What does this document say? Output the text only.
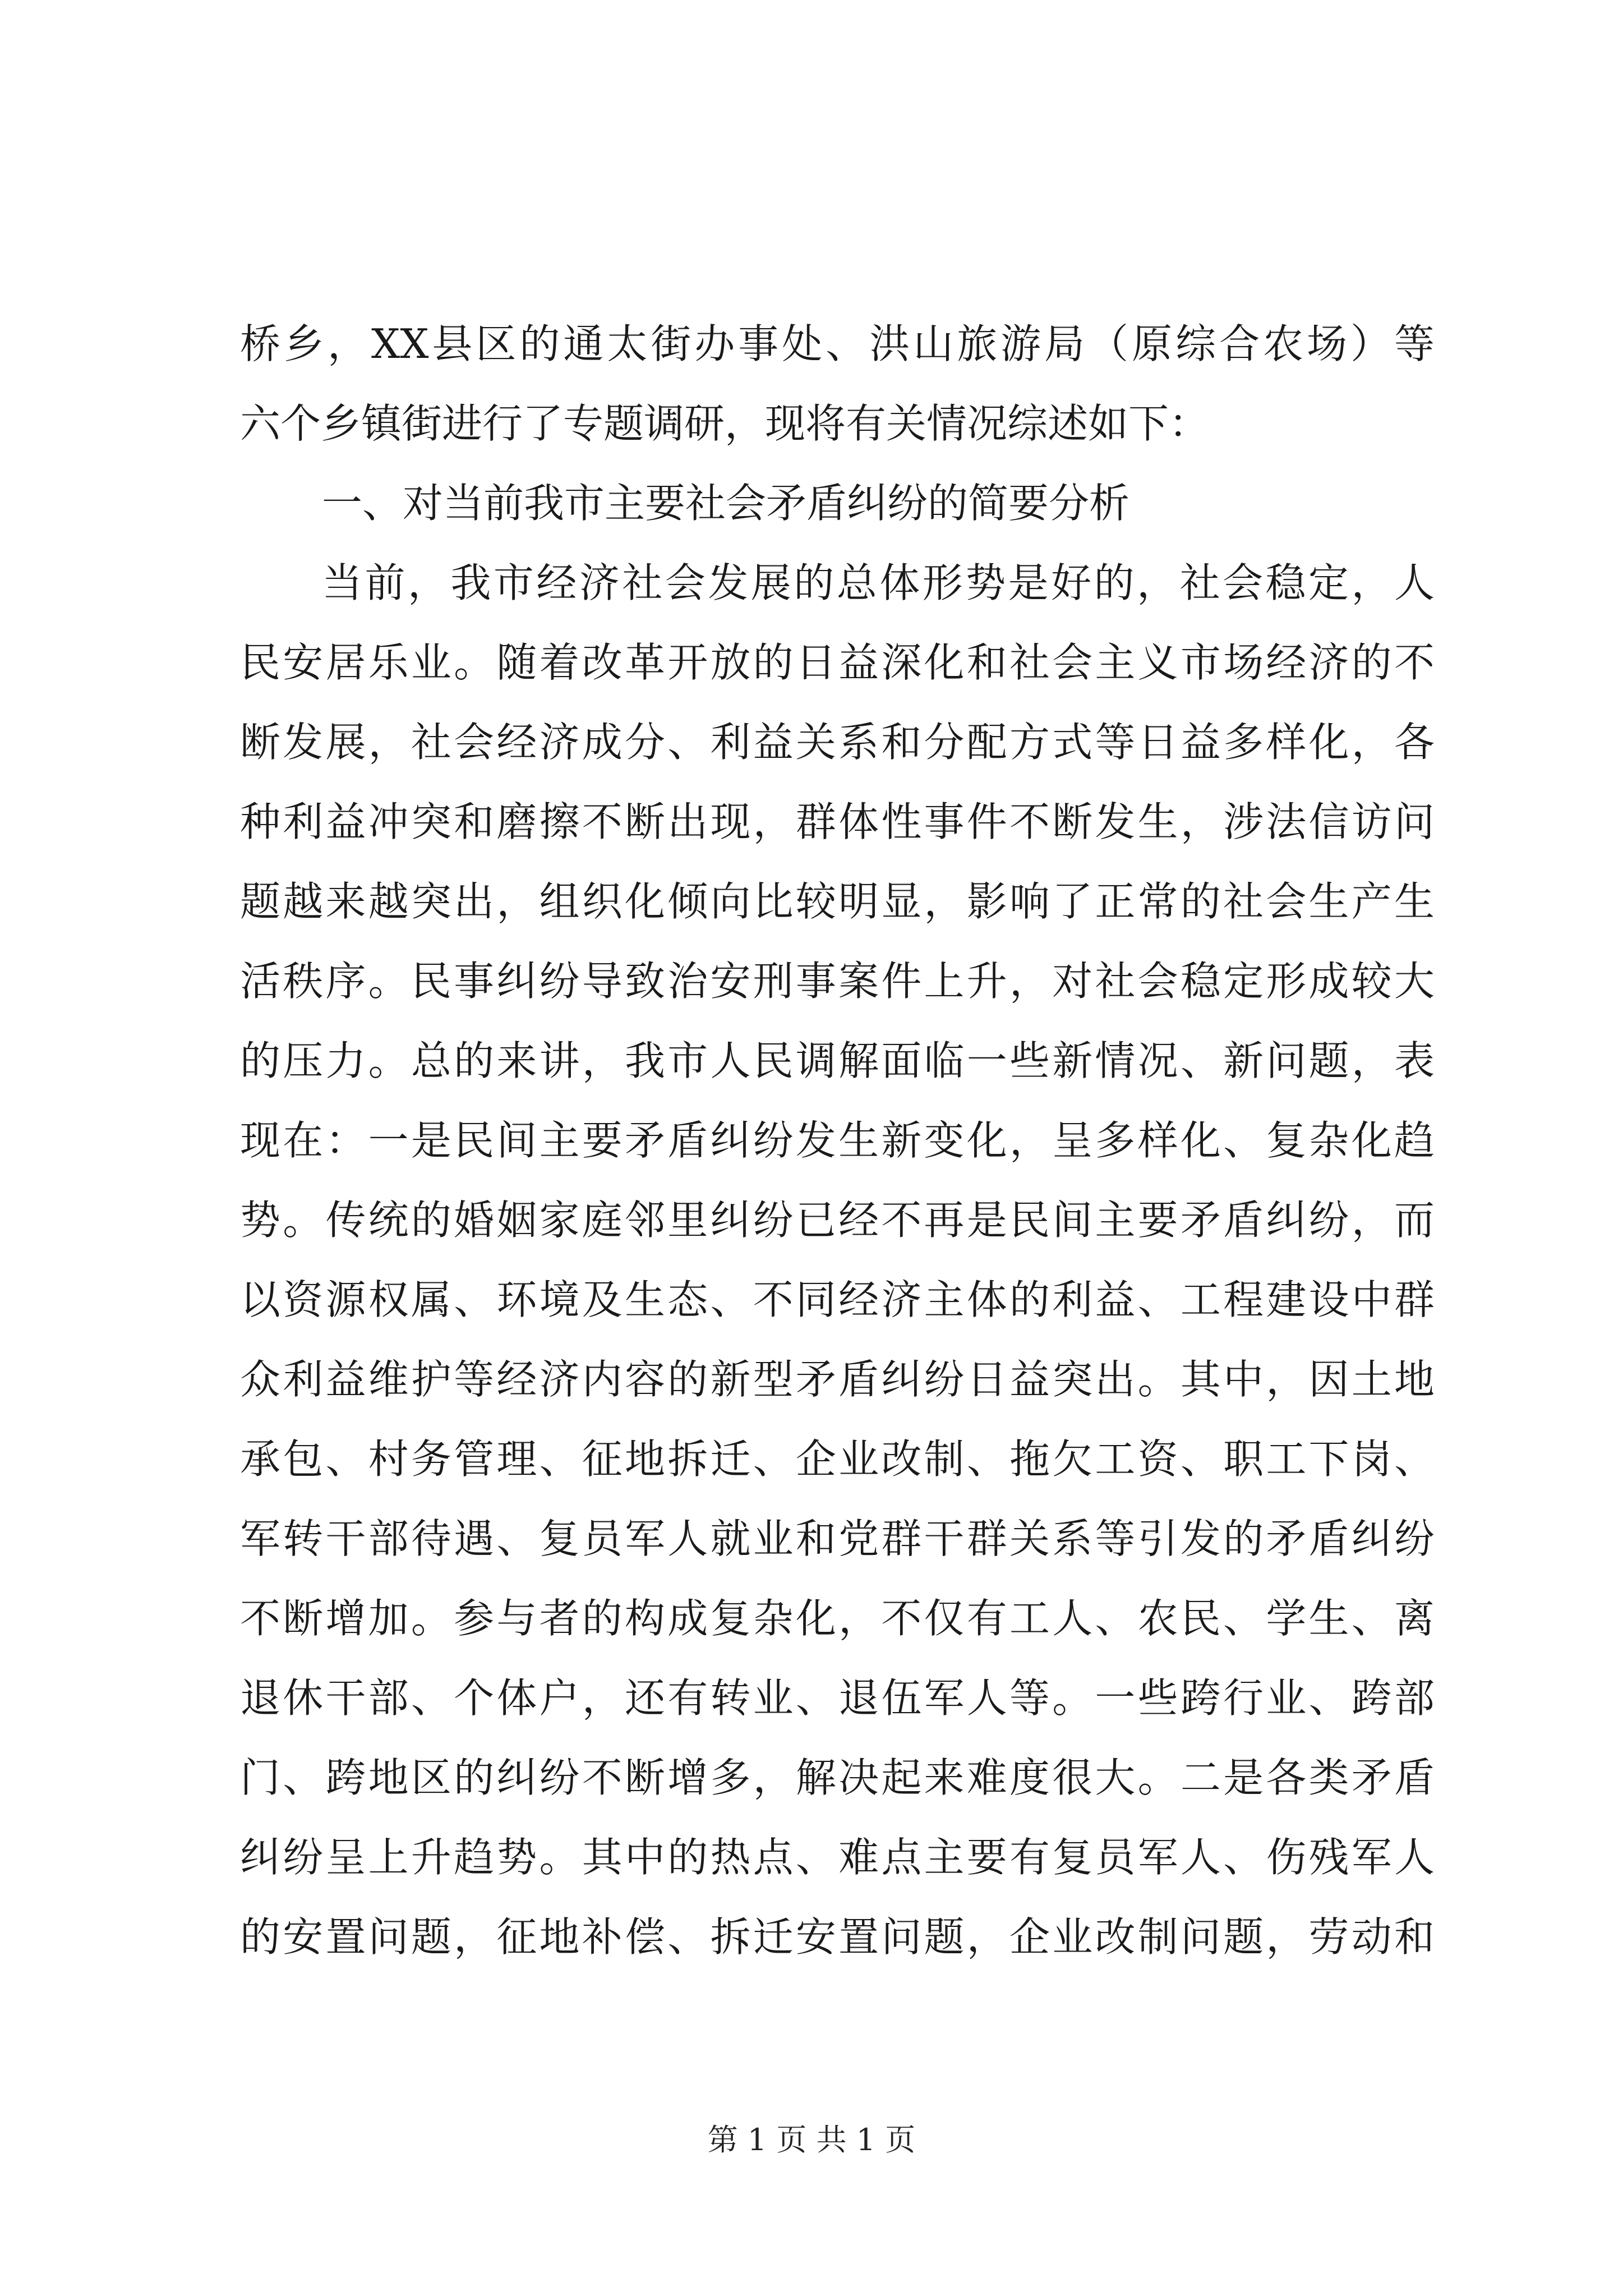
桥乡，XX县区的通太街办事处、洪山旅游局（原综合农场）等
六个乡镇街进行了专题调研，现将有关情况综述如下：
一、对当前我市主要社会矛盾纠纷的简要分析
当前，我市经济社会发展的总体形势是好的，社会稳定，人
民安居乐业。随着改革开放的日益深化和社会主义市场经济的不
断发展，社会经济成分、利益关系和分配方式等日益多样化，各
种利益冲突和磨擦不断出现，群体性事件不断发生，涉法信访问
题越来越突出，组织化倾向比较明显，影响了正常的社会生产生
活秩序。民事纠纷导致治安刑事案件上升，对社会稳定形成较大
的压力。总的来讲，我市人民调解面临一些新情况、新问题，表
现在：一是民间主要矛盾纠纷发生新变化，呈多样化、复杂化趋
势。传统的婚姻家庭邻里纠纷已经不再是民间主要矛盾纠纷，而
以资源权属、环境及生态、不同经济主体的利益、工程建设中群
众利益维护等经济内容的新型矛盾纠纷日益突出。其中，因土地
承包、村务管理、征地拆迁、企业改制、拖欠工资、职工下岗、
军转干部待遇、复员军人就业和党群干群关系等引发的矛盾纠纷
不断增加。参与者的构成复杂化，不仅有工人、农民、学生、离
退休干部、个体户，还有转业、退伍军人等。一些跨行业、跨部
门、跨地区的纠纷不断增多，解决起来难度很大。二是各类矛盾
纠纷呈上升趋势。其中的热点、难点主要有复员军人、伤残军人
的安置问题，征地补偿、拆迁安置问题，企业改制问题，劳动和
第 1 页 共 1 页
